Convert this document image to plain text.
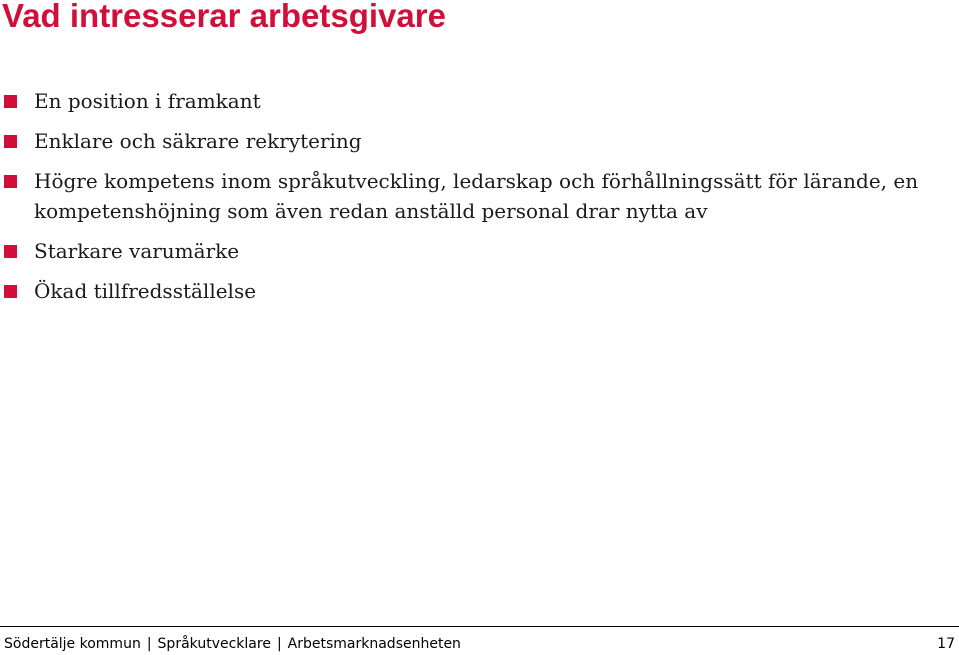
Vad intresserar arbetsgivare
En position i framkant
Enklare och säkrare rekrytering
Högre kompetens inom språkutveckling, ledarskap och förhållningssätt för lärande, en kompetenshöjning som även redan anställd personal drar nytta av
Starkare varumärke
Ökad tillfredsställelse
Södertälje kommun | Språkutvecklare | Arbetsmarknadsenheten	17
